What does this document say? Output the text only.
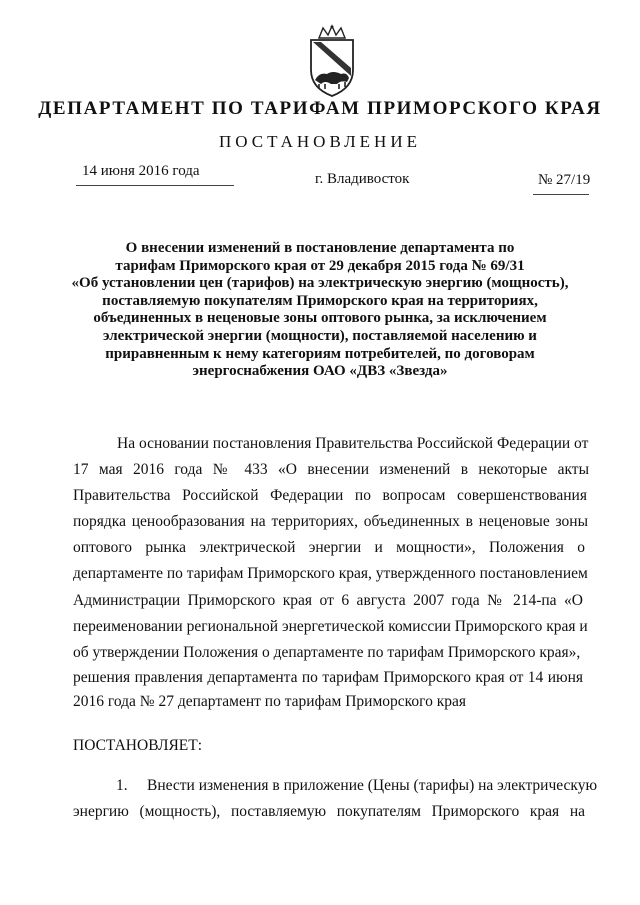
ДЕПАРТАМЕНТ ПО ТАРИФАМ ПРИМОРСКОГО КРАЯ
ПОСТАНОВЛЕНИЕ
14 июня 2016 года	г. Владивосток	№ 27/19
О внесении изменений в постановление департамента по
тарифам Приморского края от 29 декабря 2015 года № 69/31
«Об установлении цен (тарифов) на электрическую энергию (мощность),
поставляемую покупателям Приморского края на территориях,
объединенных в неценовые зоны оптового рынка, за исключением
электрической энергии (мощности), поставляемой населению и
приравненным к нему категориям потребителей, по договорам
энергоснабжения ОАО «ДВЗ «Звезда»
На основании постановления Правительства Российской Федерации от
17 мая 2016 года № 433 «О внесении изменений в некоторые акты
Правительства Российской Федерации по вопросам совершенствования
порядка ценообразования на территориях, объединенных в неценовые зоны
оптового рынка электрической энергии и мощности», Положения о
департаменте по тарифам Приморского края, утвержденного постановлением
Администрации Приморского края от 6 августа 2007 года № 214-па «О
переименовании региональной энергетической комиссии Приморского края и
об утверждении Положения о департаменте по тарифам Приморского края»,
решения правления департамента по тарифам Приморского края от 14 июня
2016 года № 27 департамент по тарифам Приморского края
ПОСТАНОВЛЯЕТ:
1. Внести изменения в приложение (Цены (тарифы) на электрическую
энергию (мощность), поставляемую покупателям Приморского края на
